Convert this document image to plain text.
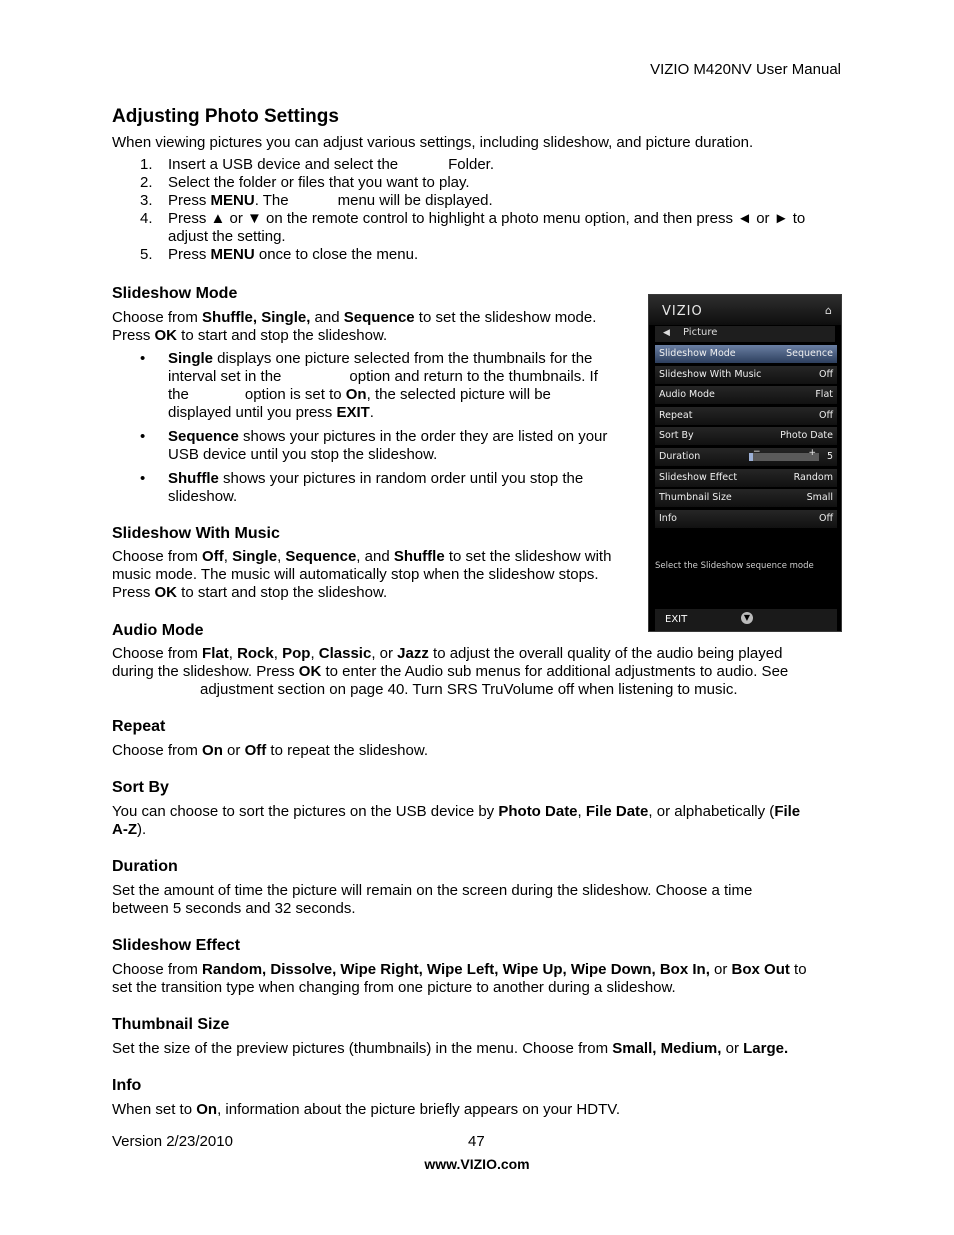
VIZIO M420NV User Manual
Adjusting Photo Settings

When viewing pictures you can adjust various settings, including slideshow, and picture duration.

1. Insert a USB device and select the	Folder.
2. Select the folder or files that you want to play.
3. Press MENU. The	menu will be displayed.
4. Press ▲ or ▼ on the remote control to highlight a photo menu option, and then press ◄ or ► to adjust the setting.
5. Press MENU once to close the menu.
Slideshow Mode

Choose from Shuffle, Single, and Sequence to set the slideshow mode.

Press OK to start and stop the slideshow.

• Single displays one picture selected from the thumbnails for the
interval set in the	option and return to the thumbnails. If
the	option is set to On, the selected picture will be
displayed until you press EXIT.
• Sequence shows your pictures in the order they are listed on your
USB device until you stop the slideshow.
• Shuffle shows your pictures in random order until you stop the
slideshow.
Slideshow With Music

Choose from Off, Single, Sequence, and Shuffle to set the slideshow with
music mode. The music will automatically stop when the slideshow stops.
Press OK to start and stop the slideshow.

Audio Mode

Choose from Flat, Rock, Pop, Classic, or Jazz to adjust the overall quality of the audio being played
during the slideshow. Press OK to enter the Audio sub menus for additional adjustments to audio. See
adjustment section on page 40. Turn SRS TruVolume off when listening to music.

Repeat

Choose from On or Off to repeat the slideshow.

Sort By

You can choose to sort the pictures on the USB device by Photo Date, File Date, or alphabetically (File
A-Z).

Duration

Set the amount of time the picture will remain on the screen during the slideshow. Choose a time
between 5 seconds and 32 seconds.

Slideshow Effect

Choose from Random, Dissolve, Wipe Right, Wipe Left, Wipe Up, Wipe Down, Box In, or Box Out to
set the transition type when changing from one picture to another during a slideshow.

Thumbnail Size

Set the size of the preview pictures (thumbnails) in the menu. Choose from Small, Medium, or Large.

Info

When set to On, information about the picture briefly appears on your HDTV.

VIZIO	⌂
◀ Picture
Slideshow Mode	Sequence
Slideshow With Music	Off
Audio Mode	Flat
Repeat	Off
Sort By	Photo Date
Duration	−	+ 5
Slideshow Effect	Random
Thumbnail Size	Small
Info	Off
Select the Slideshow sequence mode
EXIT	▼
Version 2/23/2010	47
www.VIZIO.com
